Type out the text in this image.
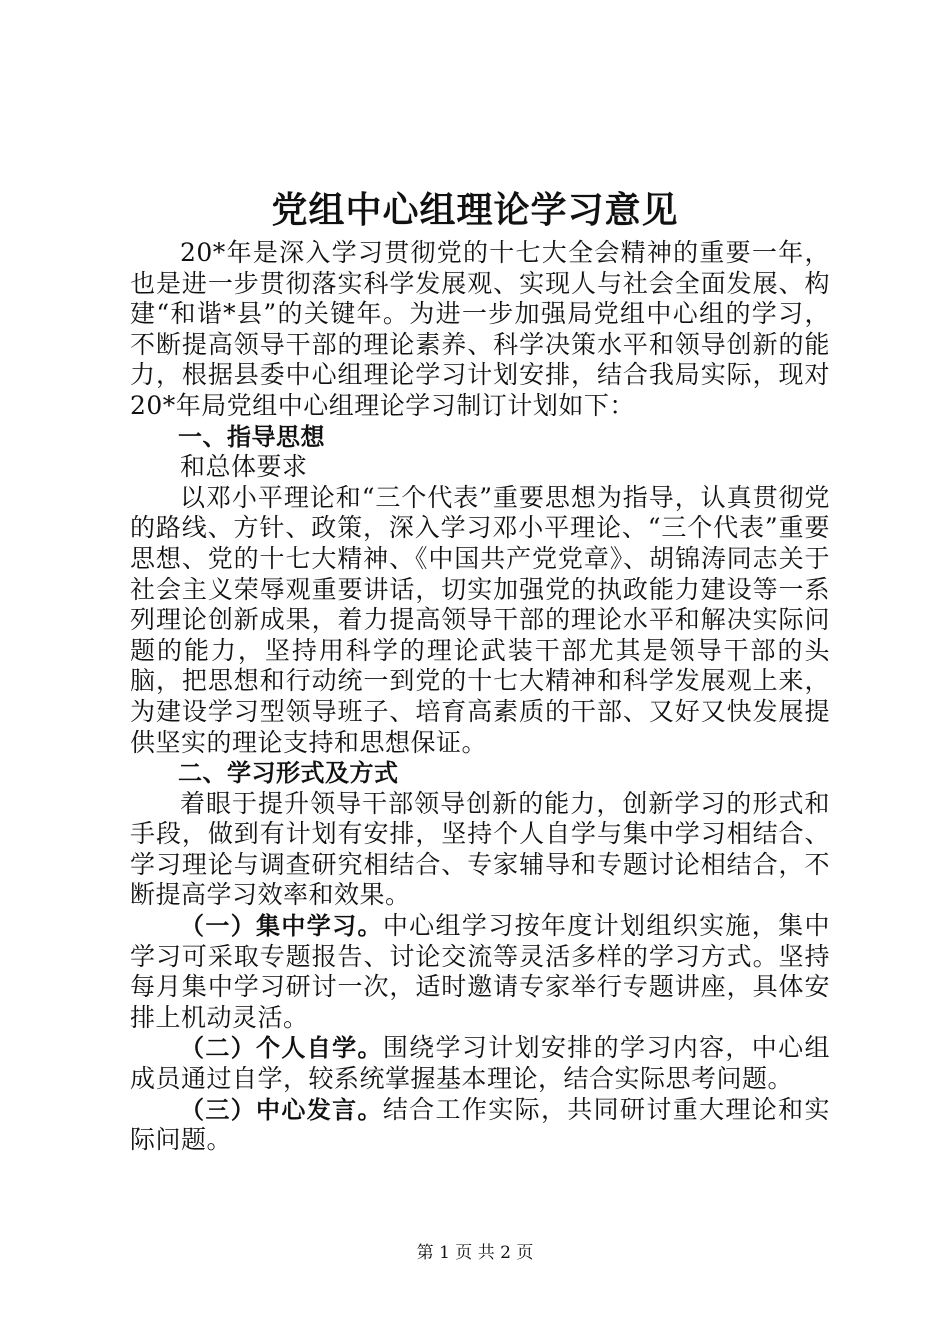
党组中心组理论学习意见

20*年是深入学习贯彻党的十七大全会精神的重要一年，也是进一步贯彻落实科学发展观、实现人与社会全面发展、构建“和谐*县”的关键年。为进一步加强局党组中心组的学习，不断提高领导干部的理论素养、科学决策水平和领导创新的能力，根据县委中心组理论学习计划安排，结合我局实际，现对20*年局党组中心组理论学习制订计划如下：

一、指导思想

和总体要求

以邓小平理论和“三个代表”重要思想为指导，认真贯彻党的路线、方针、政策，深入学习邓小平理论、“三个代表”重要思想、党的十七大精神、《中国共产党党章》、胡锦涛同志关于社会主义荣辱观重要讲话，切实加强党的执政能力建设等一系列理论创新成果，着力提高领导干部的理论水平和解决实际问题的能力，坚持用科学的理论武装干部尤其是领导干部的头脑，把思想和行动统一到党的十七大精神和科学发展观上来，为建设学习型领导班子、培育高素质的干部、又好又快发展提供坚实的理论支持和思想保证。

二、学习形式及方式

着眼于提升领导干部领导创新的能力，创新学习的形式和手段，做到有计划有安排，坚持个人自学与集中学习相结合、学习理论与调查研究相结合、专家辅导和专题讨论相结合，不断提高学习效率和效果。

（一）集中学习。中心组学习按年度计划组织实施，集中学习可采取专题报告、讨论交流等灵活多样的学习方式。坚持每月集中学习研讨一次，适时邀请专家举行专题讲座，具体安排上机动灵活。

（二）个人自学。围绕学习计划安排的学习内容，中心组成员通过自学，较系统掌握基本理论，结合实际思考问题。

（三）中心发言。结合工作实际，共同研讨重大理论和实际问题。

第 1 页 共 2 页
